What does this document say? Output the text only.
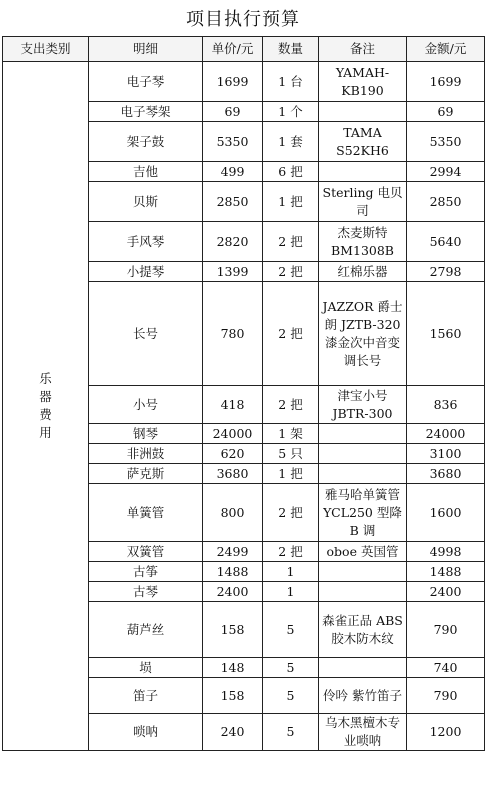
项目执行预算
支出类别	明细	单价/元	数量	备注	金额/元

乐器费用	电子琴	1699	1 台	YAMAH-KB190	1699
	电子琴架	69	1 个		69
	架子鼓	5350	1 套	TAMA S52KH6	5350
	吉他	499	6 把		2994
	贝斯	2850	1 把	Sterling 电贝司	2850
	手风琴	2820	2 把	杰麦斯特 BM1308B	5640
	小提琴	1399	2 把	红棉乐器	2798
	长号	780	2 把	JAZZOR 爵士朗 JZTB-320 漆金次中音变调长号	1560
	小号	418	2 把	津宝小号 JBTR-300	836
	钢琴	24000	1 架		24000
	非洲鼓	620	5 只		3100
	萨克斯	3680	1 把		3680
	单簧管	800	2 把	雅马哈单簧管 YCL250 型降 B 调	1600
	双簧管	2499	2 把	oboe 英国管	4998
	古筝	1488	1		1488
	古琴	2400	1		2400
	葫芦丝	158	5	森雀正品 ABS 胶木防木纹	790
	埙	148	5		740
	笛子	158	5	伶吟 紫竹笛子	790
	唢呐	240	5	乌木黑檀木专业唢呐	1200
